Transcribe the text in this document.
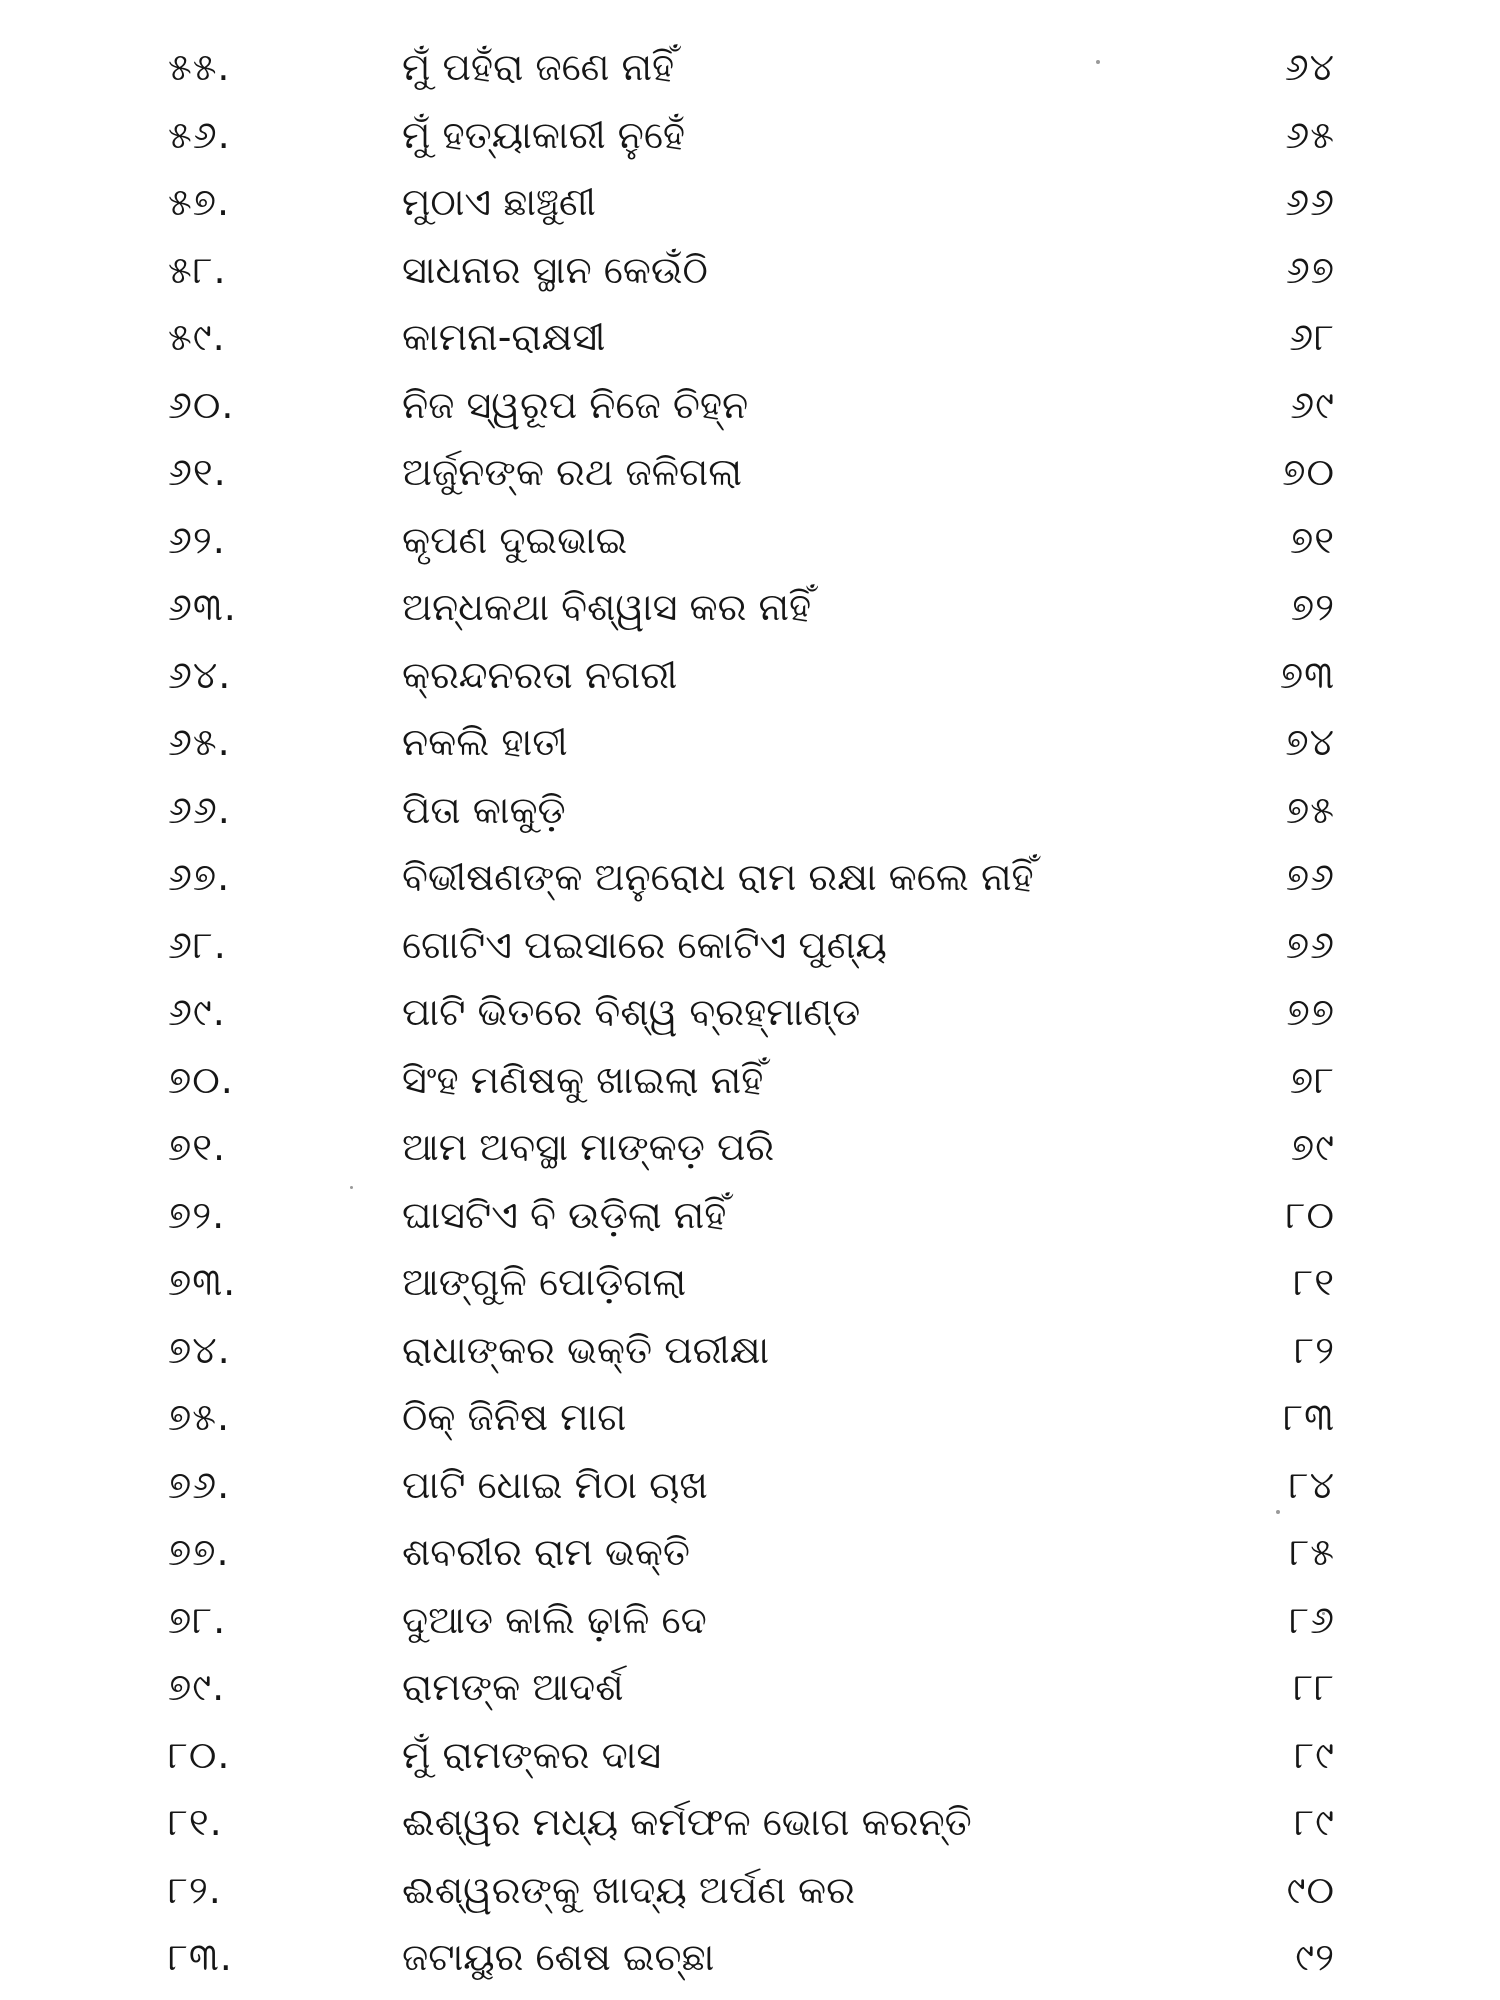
୫୫.	ମୁଁ ପହଁରା ଜଣେ ନାହିଁ	୬୪
୫୬.	ମୁଁ ହତ୍ୟାକାରୀ ନୁହେଁ	୬୫
୫୭.	ମୁଠାଏ ଛାଞ୍ଚୁଣୀ	୬୬
୫୮.	ସାଧନାର ସ୍ଥାନ କେଉଁଠି	୬୭
୫୯.	କାମନା-ରାକ୍ଷସୀ	୬୮
୬୦.	ନିଜ ସ୍ୱରୂପ ନିଜେ ଚିହ୍ନ	୬୯
୬୧.	ଅର୍ଜୁନଙ୍କ ରଥ ଜଳିଗଲା	୭୦
୬୨.	କୃପଣ ଦୁଇଭାଇ	୭୧
୬୩.	ଅନ୍ଧକଥା ବିଶ୍ୱାସ କର ନାହିଁ	୭୨
୬୪.	କ୍ରନ୍ଦନରତା ନଗରୀ	୭୩
୬୫.	ନକଲି ହାତୀ	୭୪
୬୬.	ପିତା କାକୁଡ଼ି	୭୫
୬୭.	ବିଭୀଷଣଙ୍କ ଅନୁରୋଧ ରାମ ରକ୍ଷା କଲେ ନାହିଁ	୭୬
୬୮.	ଗୋଟିଏ ପଇସାରେ କୋଟିଏ ପୁଣ୍ୟ	୭୬
୬୯.	ପାଟି ଭିତରେ ବିଶ୍ୱ ବ୍ରହ୍ମାଣ୍ଡ	୭୭
୭୦.	ସିଂହ ମଣିଷକୁ ଖାଇଲା ନାହିଁ	୭୮
୭୧.	ଆମ ଅବସ୍ଥା ମାଙ୍କଡ଼ ପରି	୭୯
୭୨.	ଘାସଟିଏ ବି ଉଡ଼ିଲା ନାହିଁ	୮୦
୭୩.	ଆଙ୍ଗୁଳି ପୋଡ଼ିଗଲା	୮୧
୭୪.	ରାଧାଙ୍କର ଭକ୍ତି ପରୀକ୍ଷା	୮୨
୭୫.	ଠିକ୍ ଜିନିଷ ମାଗ	୮୩
୭୬.	ପାଟି ଧୋଇ ମିଠା ଚାଖ	୮୪
୭୭.	ଶବରୀର ରାମ ଭକ୍ତି	୮୫
୭୮.	ଦୁଆଡ କାଲି ଢ଼ାଳି ଦେ	୮୬
୭୯.	ରାମଙ୍କ ଆଦର୍ଶ	୮୮
୮୦.	ମୁଁ ରାମଙ୍କର ଦାସ	୮୯
୮୧.	ଈଶ୍ୱର ମଧ୍ୟ କର୍ମଫଳ ଭୋଗ କରନ୍ତି	୮୯
୮୨.	ଈଶ୍ୱରଙ୍କୁ ଖାଦ୍ୟ ଅର୍ପଣ କର	୯୦
୮୩.	ଜଟାୟୁର ଶେଷ ଇଚ୍ଛା	୯୨
